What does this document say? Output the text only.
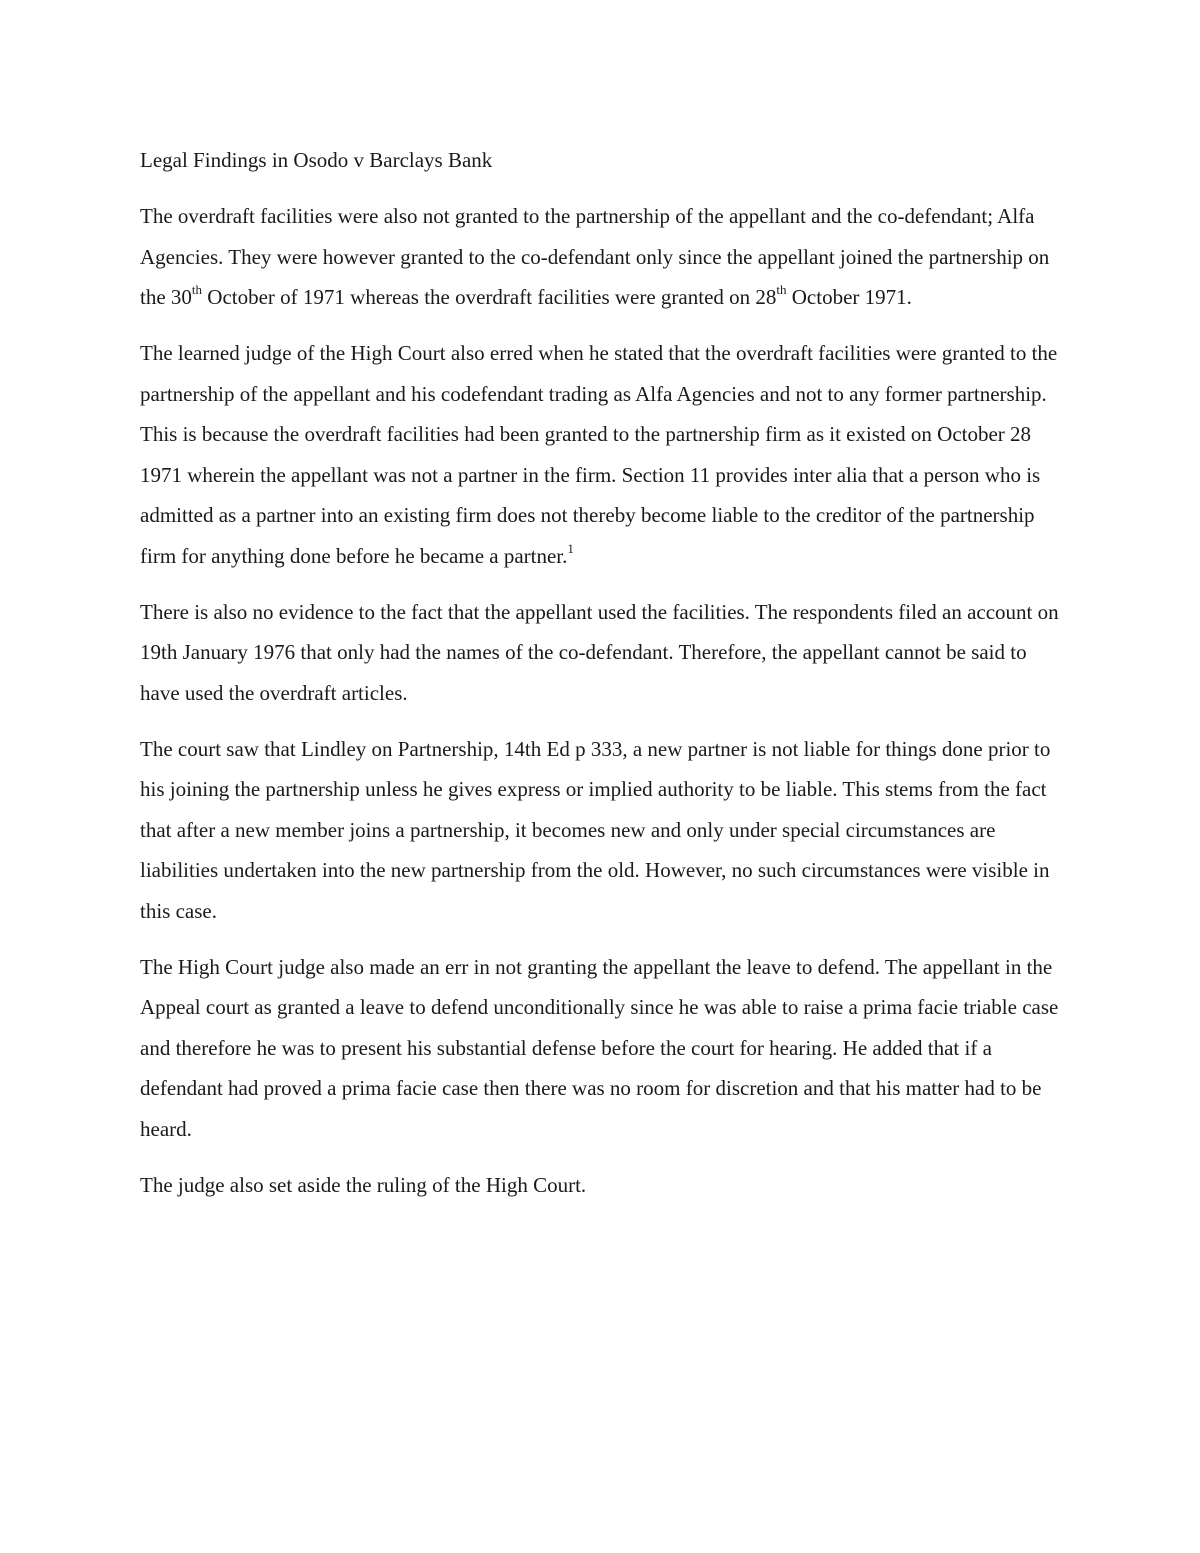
Legal Findings in Osodo v Barclays Bank

The overdraft facilities were also not granted to the partnership of the appellant and the co-defendant; Alfa Agencies. They were however granted to the co-defendant only since the appellant joined the partnership on the 30th October of 1971 whereas the overdraft facilities were granted on 28th October 1971.

The learned judge of the High Court also erred when he stated that the overdraft facilities were granted to the partnership of the appellant and his codefendant trading as Alfa Agencies and not to any former partnership. This is because the overdraft facilities had been granted to the partnership firm as it existed on October 28 1971 wherein the appellant was not a partner in the firm. Section 11 provides inter alia that a person who is admitted as a partner into an existing firm does not thereby become liable to the creditor of the partnership firm for anything done before he became a partner.$^1$

There is also no evidence to the fact that the appellant used the facilities. The respondents filed an account on 19th January 1976 that only had the names of the co-defendant. Therefore, the appellant cannot be said to have used the overdraft articles.

The court saw that Lindley on Partnership, 14th Ed p 333, a new partner is not liable for things done prior to his joining the partnership unless he gives express or implied authority to be liable. This stems from the fact that after a new member joins a partnership, it becomes new and only under special circumstances are liabilities undertaken into the new partnership from the old. However, no such circumstances were visible in this case.

The High Court judge also made an err in not granting the appellant the leave to defend. The appellant in the Appeal court as granted a leave to defend unconditionally since he was able to raise a prima facie triable case and therefore he was to present his substantial defense before the court for hearing. He added that if a defendant had proved a prima facie case then there was no room for discretion and that his matter had to be heard.

The judge also set aside the ruling of the High Court.
